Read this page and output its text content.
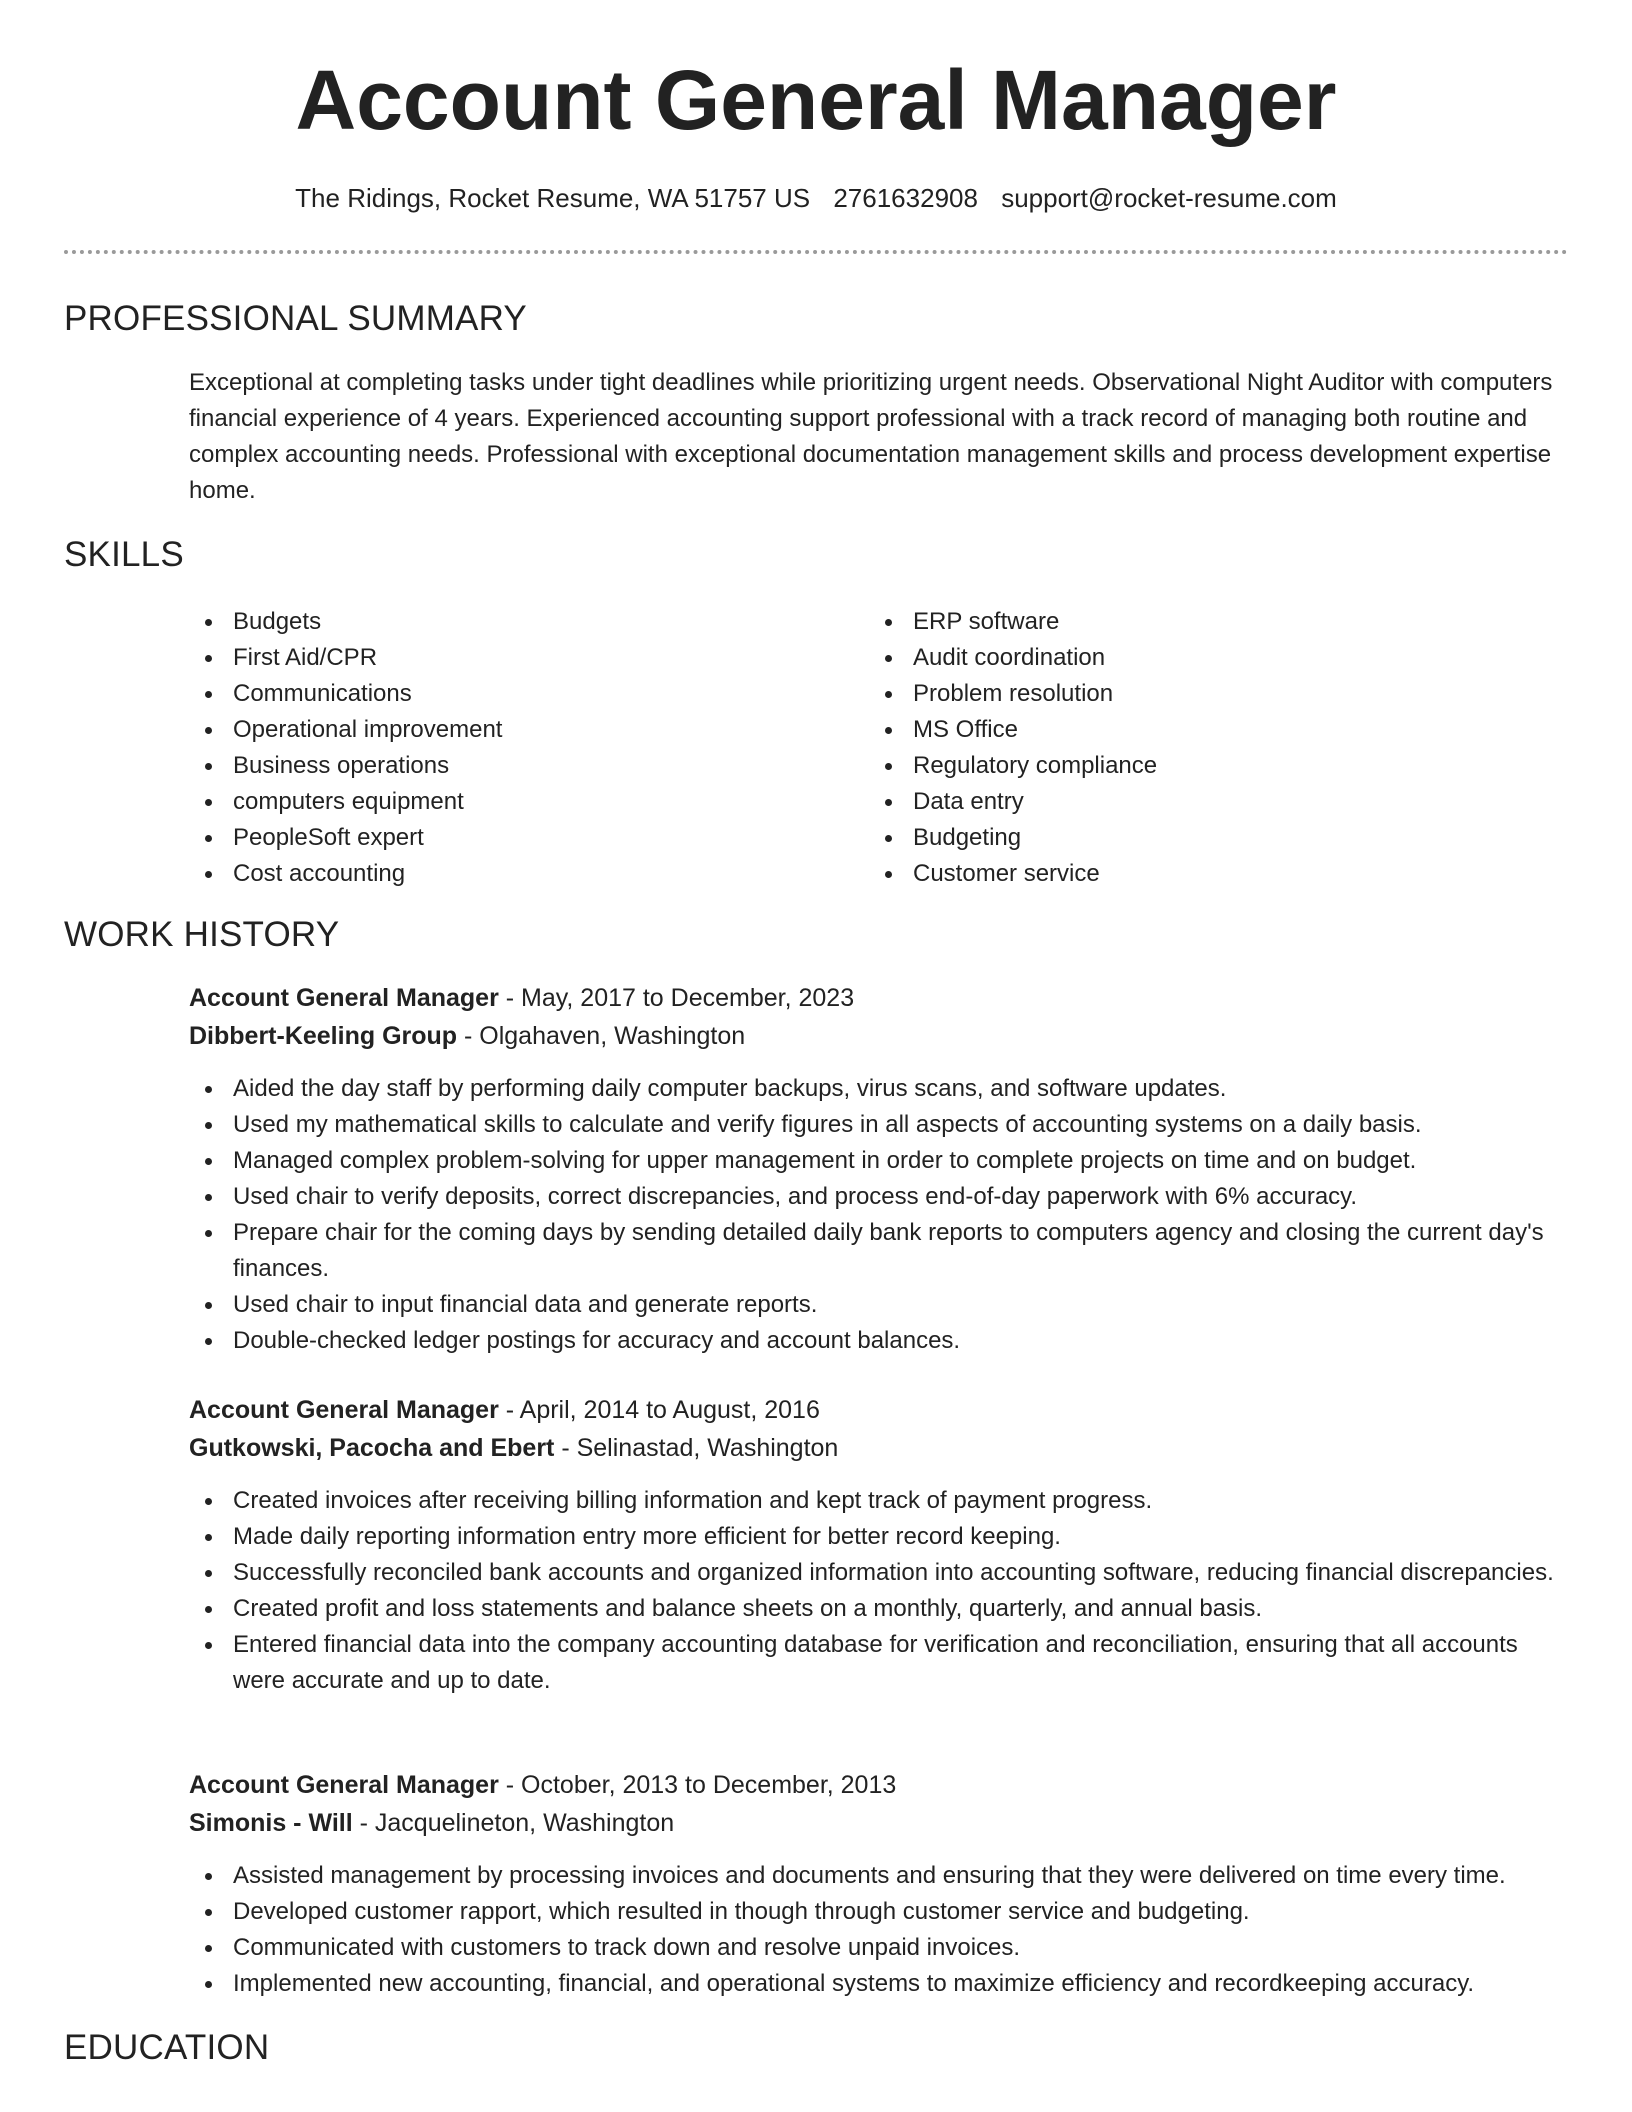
Account General Manager
The Ridings, Rocket Resume, WA 51757 US 2761632908 support@rocket-resume.com
PROFESSIONAL SUMMARY

Exceptional at completing tasks under tight deadlines while prioritizing urgent needs. Observational Night Auditor with computers financial experience of 4 years. Experienced accounting support professional with a track record of managing both routine and complex accounting needs. Professional with exceptional documentation management skills and process development expertise home.

SKILLS
Budgets
First Aid/CPR
Communications
Operational improvement
Business operations
computers equipment
PeopleSoft expert
Cost accounting
ERP software
Audit coordination
Problem resolution
MS Office
Regulatory compliance
Data entry
Budgeting
Customer service
WORK HISTORY

Account General Manager - May, 2017 to December, 2023

Dibbert-Keeling Group - Olgahaven, Washington

Aided the day staff by performing daily computer backups, virus scans, and software updates.
Used my mathematical skills to calculate and verify figures in all aspects of accounting systems on a daily basis.
Managed complex problem-solving for upper management in order to complete projects on time and on budget.
Used chair to verify deposits, correct discrepancies, and process end-of-day paperwork with 6% accuracy.
Prepare chair for the coming days by sending detailed daily bank reports to computers agency and closing the current day's finances.
Used chair to input financial data and generate reports.
Double-checked ledger postings for accuracy and account balances.

Account General Manager - April, 2014 to August, 2016

Gutkowski, Pacocha and Ebert - Selinastad, Washington

Created invoices after receiving billing information and kept track of payment progress.
Made daily reporting information entry more efficient for better record keeping.
Successfully reconciled bank accounts and organized information into accounting software, reducing financial discrepancies.
Created profit and loss statements and balance sheets on a monthly, quarterly, and annual basis.
Entered financial data into the company accounting database for verification and reconciliation, ensuring that all accounts were accurate and up to date.

Account General Manager - October, 2013 to December, 2013

Simonis - Will - Jacquelineton, Washington

Assisted management by processing invoices and documents and ensuring that they were delivered on time every time.
Developed customer rapport, which resulted in though through customer service and budgeting.
Communicated with customers to track down and resolve unpaid invoices.
Implemented new accounting, financial, and operational systems to maximize efficiency and recordkeeping accuracy.
EDUCATION
